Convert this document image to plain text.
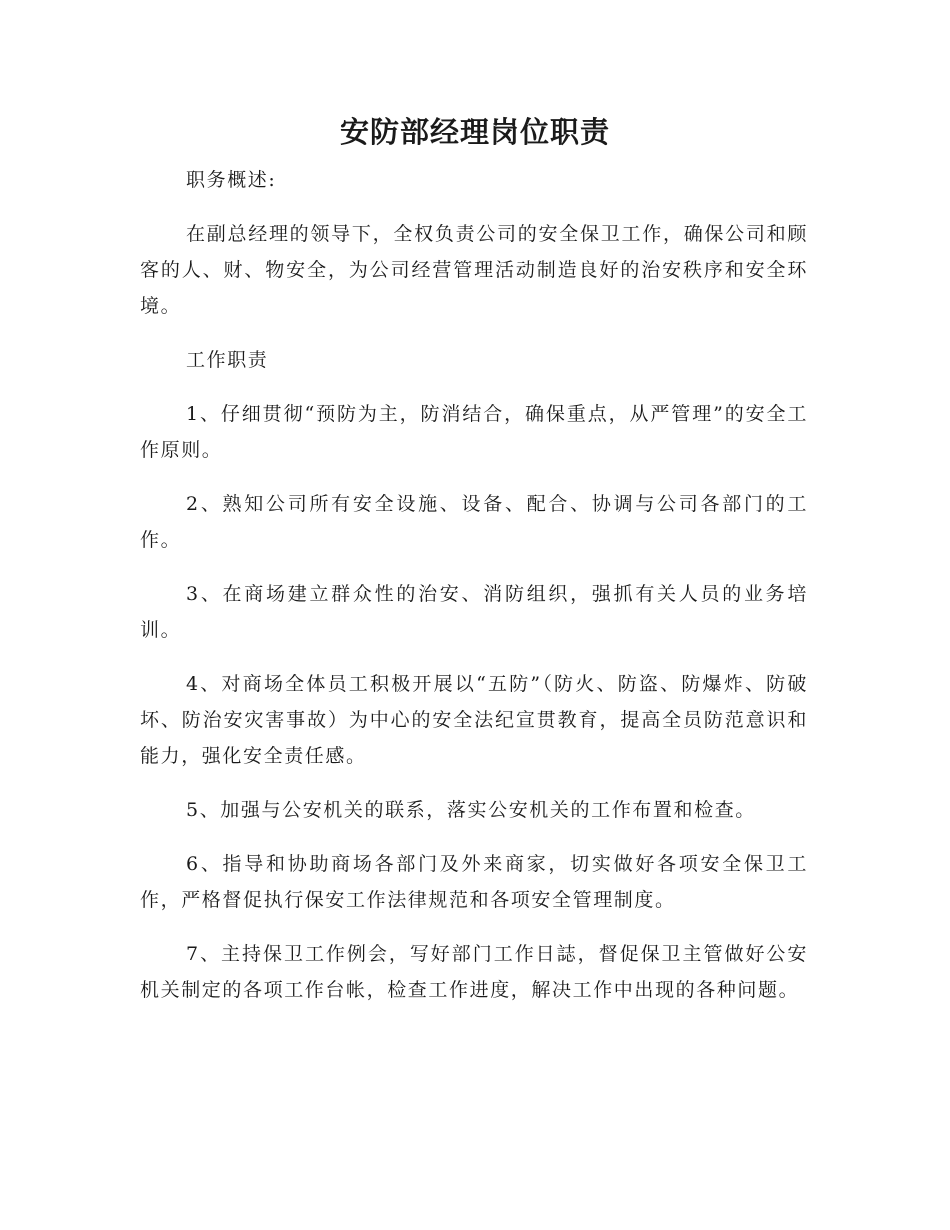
安防部经理岗位职责

职务概述:

在副总经理的领导下，全权负责公司的安全保卫工作，确保公司和顾客的人、财、物安全，为公司经营管理活动制造良好的治安秩序和安全环境。

工作职责

1、仔细贯彻“预防为主，防消结合，确保重点，从严管理”的安全工作原则。

2、熟知公司所有安全设施、设备、配合、协调与公司各部门的工作。

3、在商场建立群众性的治安、消防组织，强抓有关人员的业务培训。

4、对商场全体员工积极开展以“五防”（防火、防盗、防爆炸、防破坏、防治安灾害事故）为中心的安全法纪宣贯教育，提高全员防范意识和能力，强化安全责任感。

5、加强与公安机关的联系，落实公安机关的工作布置和检查。

6、指导和协助商场各部门及外来商家，切实做好各项安全保卫工作，严格督促执行保安工作法律规范和各项安全管理制度。

7、主持保卫工作例会，写好部门工作日誌，督促保卫主管做好公安机关制定的各项工作台帐，检查工作进度，解决工作中出现的各种问题。
